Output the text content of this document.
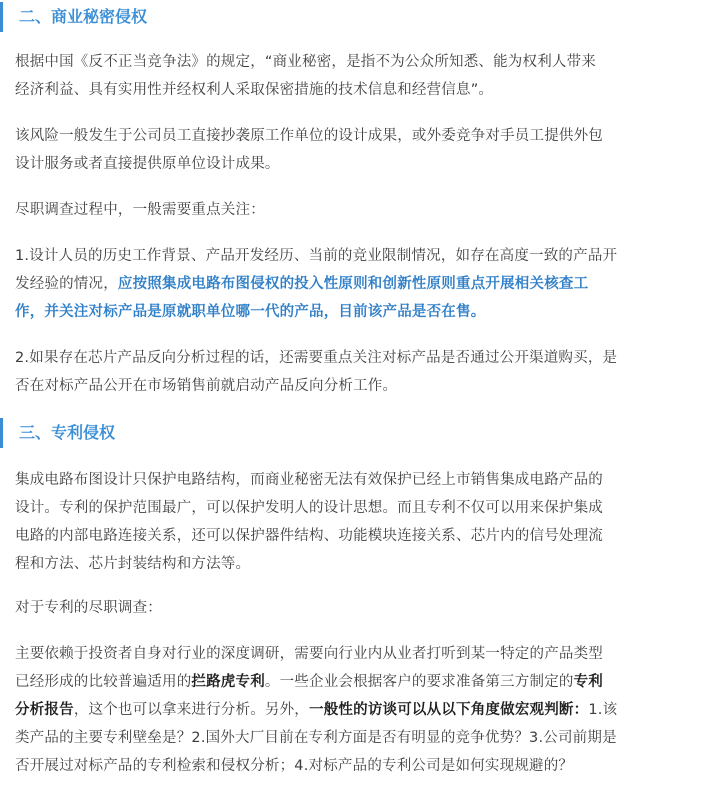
二、商业秘密侵权

根据中国《反不正当竞争法》的规定，“商业秘密，是指不为公众所知悉、能为权利人带来
经济利益、具有实用性并经权利人采取保密措施的技术信息和经营信息”。

该风险一般发生于公司员工直接抄袭原工作单位的设计成果，或外委竞争对手员工提供外包
设计服务或者直接提供原单位设计成果。

尽职调查过程中，一般需要重点关注：

1.设计人员的历史工作背景、产品开发经历、当前的竞业限制情况，如存在高度一致的产品开
发经验的情况，应按照集成电路布图侵权的投入性原则和创新性原则重点开展相关核查工
作，并关注对标产品是原就职单位哪一代的产品，目前该产品是否在售。

2.如果存在芯片产品反向分析过程的话，还需要重点关注对标产品是否通过公开渠道购买，是
否在对标产品公开在市场销售前就启动产品反向分析工作。

三、专利侵权

集成电路布图设计只保护电路结构，而商业秘密无法有效保护已经上市销售集成电路产品的
设计。专利的保护范围最广，可以保护发明人的设计思想。而且专利不仅可以用来保护集成
电路的内部电路连接关系，还可以保护器件结构、功能模块连接关系、芯片内的信号处理流
程和方法、芯片封装结构和方法等。

对于专利的尽职调查：

主要依赖于投资者自身对行业的深度调研，需要向行业内从业者打听到某一特定的产品类型
已经形成的比较普遍适用的拦路虎专利。一些企业会根据客户的要求准备第三方制定的专利
分析报告，这个也可以拿来进行分析。另外，一般性的访谈可以从以下角度做宏观判断：1.该
类产品的主要专利壁垒是？2.国外大厂目前在专利方面是否有明显的竞争优势？3.公司前期是
否开展过对标产品的专利检索和侵权分析；4.对标产品的专利公司是如何实现规避的？
